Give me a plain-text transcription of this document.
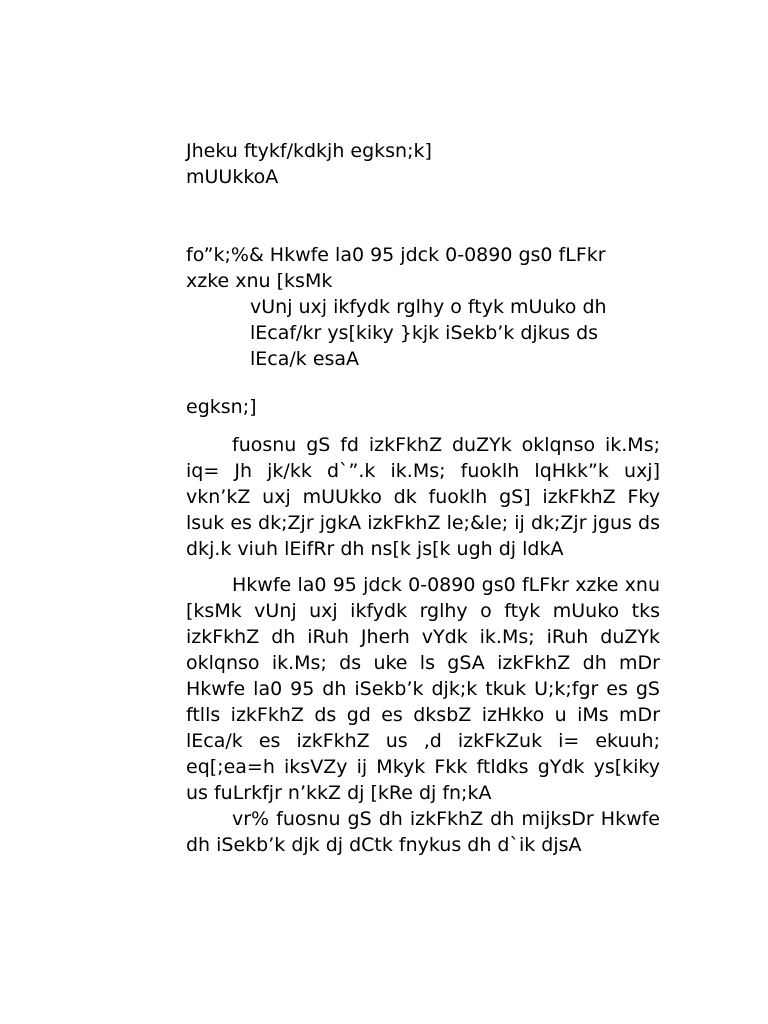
Jheku ftykf/kdkjh egksn;k]
mUUkkoA
fo”k;%& Hkwfe la0 95 jdck 0-0890 gs0 fLFkr
xzke xnu [ksMk
vUnj uxj ikfydk rglhy o ftyk mUuko dh
lEcaf/kr ys[kiky }kjk iSekb’k djkus ds
lEca/k esaA
egksn;]

fuosnu gS fd izkFkhZ duZYk oklqnso ik.Ms; iq= Jh jk/kk d`”.k ik.Ms; fuoklh lqHkk”k uxj] vkn’kZ uxj mUUkko dk fuoklh gS] izkFkhZ Fky lsuk es dk;Zjr jgkA izkFkhZ le;&le; ij dk;Zjr jgus ds dkj.k viuh lEifRr dh ns[k js[k ugh dj ldkA

Hkwfe la0 95 jdck 0-0890 gs0 fLFkr xzke xnu [ksMk vUnj uxj ikfydk rglhy o ftyk mUuko tks izkFkhZ dh iRuh Jherh vYdk ik.Ms; iRuh duZYk oklqnso ik.Ms; ds uke ls gSA izkFkhZ dh mDr Hkwfe la0 95 dh iSekb’k djk;k tkuk U;k;fgr es gS ftlls izkFkhZ ds gd es dksbZ izHkko u iMs mDr lEca/k es izkFkhZ us ,d izkFkZuk i= ekuuh; eq[;ea=h iksVZy ij Mkyk Fkk ftldks gYdk ys[kiky us fuLrkfjr n’kkZ dj [kRe dj fn;kA

vr% fuosnu gS dh izkFkhZ dh mijksDr Hkwfe dh iSekb’k djk dj dCtk fnykus dh d`ik djsA
